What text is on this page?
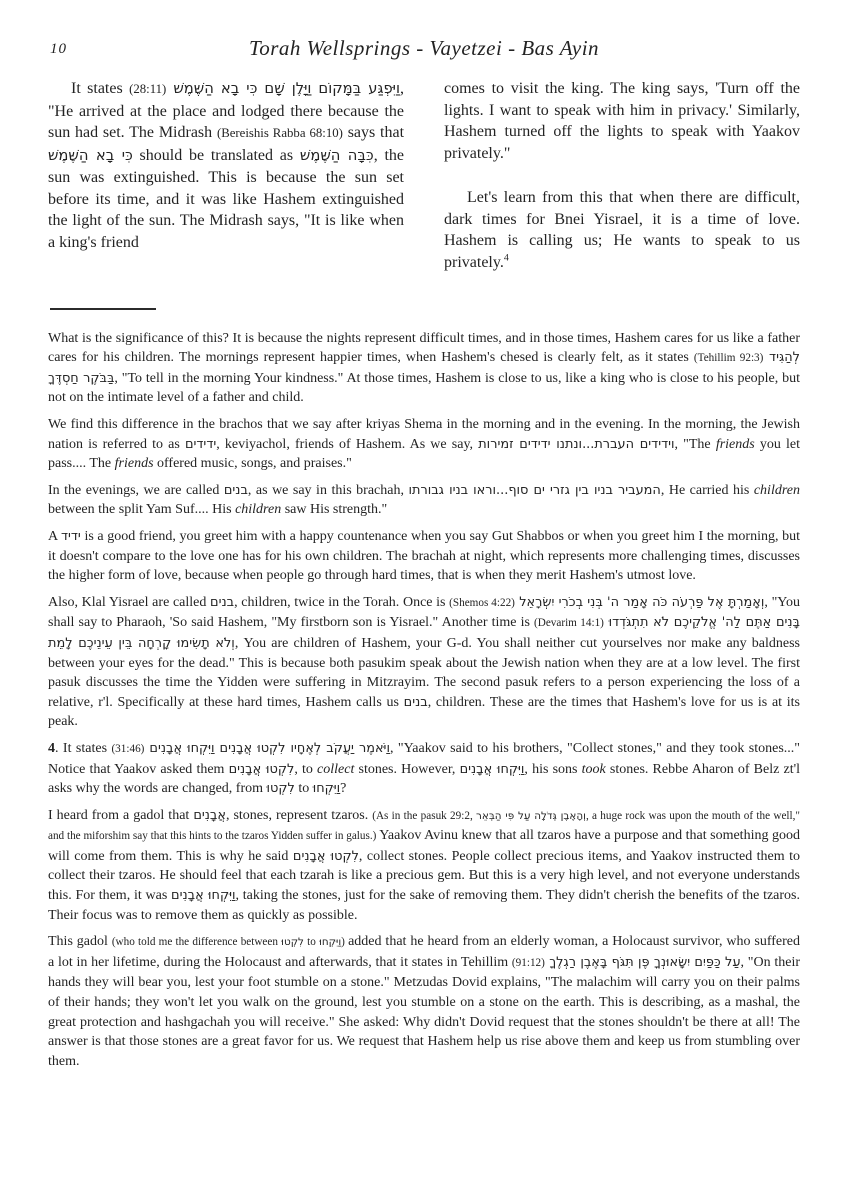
10	Torah Wellsprings - Vayetzei - Bas Ayin

It states (28:11) וַיִּפְגַּע בַּמָּקוֹם וַיָּלֶן שָׁם כִּי בָא הַשֶּׁמֶשׁ, "He arrived at the place and lodged there because the sun had set. The Midrash (Bereishis Rabba 68:10) says that כִּי בָא הַשֶּׁמֶשׁ should be translated as כִּבָּה הַשֶּׁמֶשׁ, the sun was extinguished. This is because the sun set before its time, and it was like Hashem extinguished the light of the sun. The Midrash says, "It is like when a king's friend

comes to visit the king. The king says, 'Turn off the lights. I want to speak with him in privacy.' Similarly, Hashem turned off the lights to speak with Yaakov privately."

Let's learn from this that when there are difficult, dark times for Bnei Yisrael, it is a time of love. Hashem is calling us; He wants to speak to us privately.$^4$

What is the significance of this? It is because the nights represent difficult times, and in those times, Hashem cares for us like a father cares for his children. The mornings represent happier times, when Hashem's chesed is clearly felt, as it states (Tehillim 92:3) לְהַגִּיד בַּבֹּקֶר חַסְדֶּךָ, "To tell in the morning Your kindness." At those times, Hashem is close to us, like a king who is close to his people, but not on the intimate level of a father and child.

We find this difference in the brachos that we say after kriyas Shema in the morning and in the evening. In the morning, the Jewish nation is referred to as ידידים, keviyachol, friends of Hashem. As we say, וידידים העברת...ונתנו ידידים זמירות, "The friends you let pass.... The friends offered music, songs, and praises."

In the evenings, we are called בנים, as we say in this brachah, המעביר בניו בין גזרי ים סוף...וראו בניו גבורתו, He carried his children between the split Yam Suf.... His children saw His strength."

A ידיד is a good friend, you greet him with a happy countenance when you say Gut Shabbos or when you greet him I the morning, but it doesn't compare to the love one has for his own children. The brachah at night, which represents more challenging times, discusses the higher form of love, because when people go through hard times, that is when they merit Hashem's utmost love.

Also, Klal Yisrael are called בנים, children, twice in the Torah. Once is (Shemos 4:22) וְאָמַרְתָּ אֶל פַּרְעֹה כֹּה אָמַר ה' בְּנִי בְכֹרִי יִשְׂרָאֵל, "You shall say to Pharaoh, 'So said Hashem, "My firstborn son is Yisrael." Another time is (Devarim 14:1) בָּנִים אַתֶּם לַה' אֱלֹקֵיכֶם לֹא תִתְגֹּדְדוּ וְלֹא תָשִׂימוּ קָרְחָה בֵּין עֵינֵיכֶם לָמֵת, You are children of Hashem, your G-d. You shall neither cut yourselves nor make any baldness between your eyes for the dead." This is because both pasukim speak about the Jewish nation when they are at a low level. The first pasuk discusses the time the Yidden were suffering in Mitzrayim. The second pasuk refers to a person experiencing the loss of a relative, r'l. Specifically at these hard times, Hashem calls us בנים, children. These are the times that Hashem's love for us is at its peak.

4. It states (31:46) וַיֹּאמֶר יַעֲקֹב לְאֶחָיו לִקְטוּ אֲבָנִים וַיִּקְחוּ אֲבָנִים, "Yaakov said to his brothers, "Collect stones," and they took stones..." Notice that Yaakov asked them לִקְטוּ אֲבָנִים, to collect stones. However, וַיִּקְחוּ אֲבָנִים, his sons took stones. Rebbe Aharon of Belz zt'l asks why the words are changed, from לִקְטוּ to וַיִּקְחוּ?

I heard from a gadol that אֲבָנִים, stones, represent tzaros. (As in the pasuk 29:2, וְהָאֶבֶן גְּדֹלָה עַל פִּי הַבְּאֵר, a huge rock was upon the mouth of the well," and the miforshim say that this hints to the tzaros Yidden suffer in galus.) Yaakov Avinu knew that all tzaros have a purpose and that something good will come from them. This is why he said לִקְטוּ אֲבָנִים, collect stones. People collect precious items, and Yaakov instructed them to collect their tzaros. He should feel that each tzarah is like a precious gem. But this is a very high level, and not everyone understands this. For them, it was וַיִּקְחוּ אֲבָנִים, taking the stones, just for the sake of removing them. They didn't cherish the benefits of the tzaros. Their focus was to remove them as quickly as possible.

This gadol (who told me the difference between לִקְטוּ to וַיִּקְחוּ) added that he heard from an elderly woman, a Holocaust survivor, who suffered a lot in her lifetime, during the Holocaust and afterwards, that it states in Tehillim (91:12) עַל כַּפַּיִם יִשָּׂאוּנְךָ פֶּן תִּגֹּף בָּאֶבֶן רַגְלֶךָ, "On their hands they will bear you, lest your foot stumble on a stone." Metzudas Dovid explains, "The malachim will carry you on their palms of their hands; they won't let you walk on the ground, lest you stumble on a stone on the earth. This is describing, as a mashal, the great protection and hashgachah you will receive." She asked: Why didn't Dovid request that the stones shouldn't be there at all! The answer is that those stones are a great favor for us. We request that Hashem help us rise above them and keep us from stumbling over them.
